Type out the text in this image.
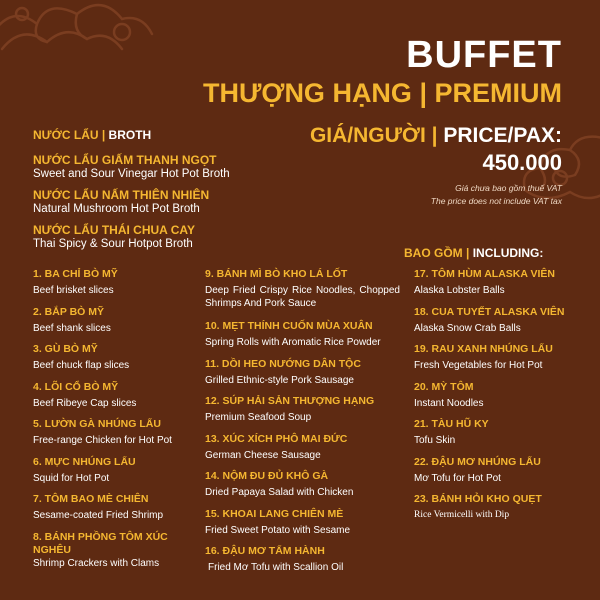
BUFFET
THƯỢNG HẠNG | PREMIUM
GIÁ/NGƯỜI | PRICE/PAX:
450.000
Giá chưa bao gồm thuế VAT
The price does not include VAT tax
NƯỚC LẨU | BROTH
NƯỚC LẨU GIẤM THANH NGỌT
Sweet and Sour Vinegar Hot Pot Broth
NƯỚC LẨU NẤM THIÊN NHIÊN
Natural Mushroom Hot Pot Broth
NƯỚC LẨU THÁI CHUA CAY
Thai Spicy & Sour Hotpot Broth
BAO GỒM | INCLUDING:
1. BA CHỈ BÒ MỸ
Beef brisket slices
2. BẮP BÒ MỸ
Beef shank slices
3. GÙ BÒ MỸ
Beef chuck flap slices
4. LÕI CỔ BÒ MỸ
Beef Ribeye Cap slices
5. LƯỜN GÀ NHÚNG LẨU
Free-range Chicken for Hot Pot
6. MỰC NHÚNG LẨU
Squid for Hot Pot
7. TÔM BAO MÈ CHIÊN
Sesame-coated Fried Shrimp
8. BÁNH PHỒNG TÔM XÚC NGHÊU
Shrimp Crackers with Clams
9. BÁNH MÌ BÒ KHO LÁ LỐT
Deep Fried Crispy Rice Noodles, Chopped Shrimps And Pork Sauce
10. MẸT THÍNH CUỐN MÙA XUÂN
Spring Rolls with Aromatic Rice Powder
11. DỒI HEO NƯỚNG DÂN TỘC
Grilled Ethnic-style Pork Sausage
12. SÚP HẢI SẢN THƯỢNG HẠNG
Premium Seafood Soup
13. XÚC XÍCH PHÔ MAI ĐỨC
German Cheese Sausage
14. NỘM ĐU ĐỦ KHÔ GÀ
Dried Papaya Salad with Chicken
15. KHOAI LANG CHIÊN MÈ
Fried Sweet Potato with Sesame
16. ĐẬU MƠ TẨM HÀNH
Fried Mơ Tofu with Scallion Oil
17. TÔM HÙM ALASKA VIÊN
Alaska Lobster Balls
18. CUA TUYẾT ALASKA VIÊN
Alaska Snow Crab Balls
19. RAU XANH NHÚNG LẨU
Fresh Vegetables for Hot Pot
20. MỲ TÔM
Instant Noodles
21. TÀU HŨ KY
Tofu Skin
22. ĐẬU MƠ NHÚNG LẨU
Mơ Tofu for Hot Pot
23. BÁNH HỎI KHO QUẸT
Rice Vermicelli with Dip
